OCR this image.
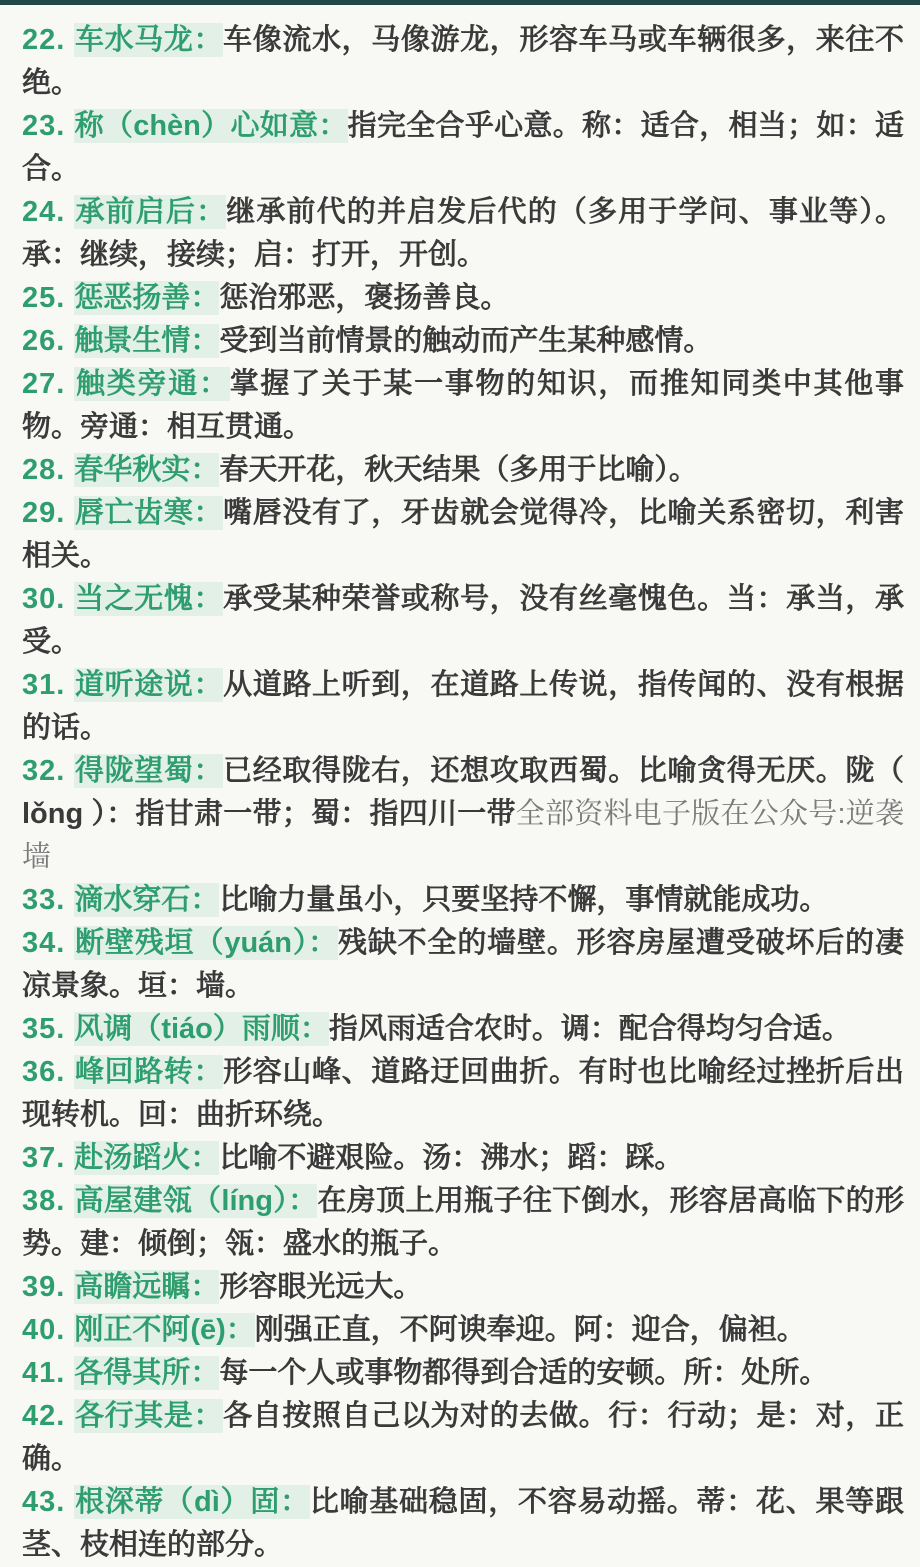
22. 车水马龙：车像流水，马像游龙，形容车马或车辆很多，来往不绝。

23. 称（chèn）心如意：指完全合乎心意。称：适合，相当；如：适合。

24. 承前启后：继承前代的并启发后代的（多用于学问、事业等）。承：继续，接续；启：打开，开创。

25. 惩恶扬善：惩治邪恶，褒扬善良。

26. 触景生情：受到当前情景的触动而产生某种感情。

27. 触类旁通：掌握了关于某一事物的知识，而推知同类中其他事物。旁通：相互贯通。

28. 春华秋实：春天开花，秋天结果（多用于比喻）。

29. 唇亡齿寒：嘴唇没有了，牙齿就会觉得冷，比喻关系密切，利害相关。

30. 当之无愧：承受某种荣誉或称号，没有丝毫愧色。当：承当，承受。

31. 道听途说：从道路上听到，在道路上传说，指传闻的、没有根据的话。

32. 得陇望蜀：已经取得陇右，还想攻取西蜀。比喻贪得无厌。陇（ lǒng ）：指甘肃一带；蜀：指四川一带全部资料电子版在公众号:逆袭墙

33. 滴水穿石：比喻力量虽小，只要坚持不懈，事情就能成功。

34. 断壁残垣（yuán）：残缺不全的墙壁。形容房屋遭受破坏后的凄凉景象。垣：墙。

35. 风调（tiáo）雨顺：指风雨适合农时。调：配合得均匀合适。

36. 峰回路转：形容山峰、道路迂回曲折。有时也比喻经过挫折后出现转机。回：曲折环绕。

37. 赴汤蹈火：比喻不避艰险。汤：沸水；蹈：踩。

38. 高屋建瓴（líng）：在房顶上用瓶子往下倒水，形容居高临下的形势。建：倾倒；瓴：盛水的瓶子。

39. 高瞻远瞩：形容眼光远大。

40. 刚正不阿(ē)：刚强正直，不阿谀奉迎。阿：迎合，偏袒。

41. 各得其所：每一个人或事物都得到合适的安顿。所：处所。

42. 各行其是：各自按照自己以为对的去做。行：行动；是：对，正确。

43. 根深蒂（dì）固：比喻基础稳固，不容易动摇。蒂：花、果等跟茎、枝相连的部分。
